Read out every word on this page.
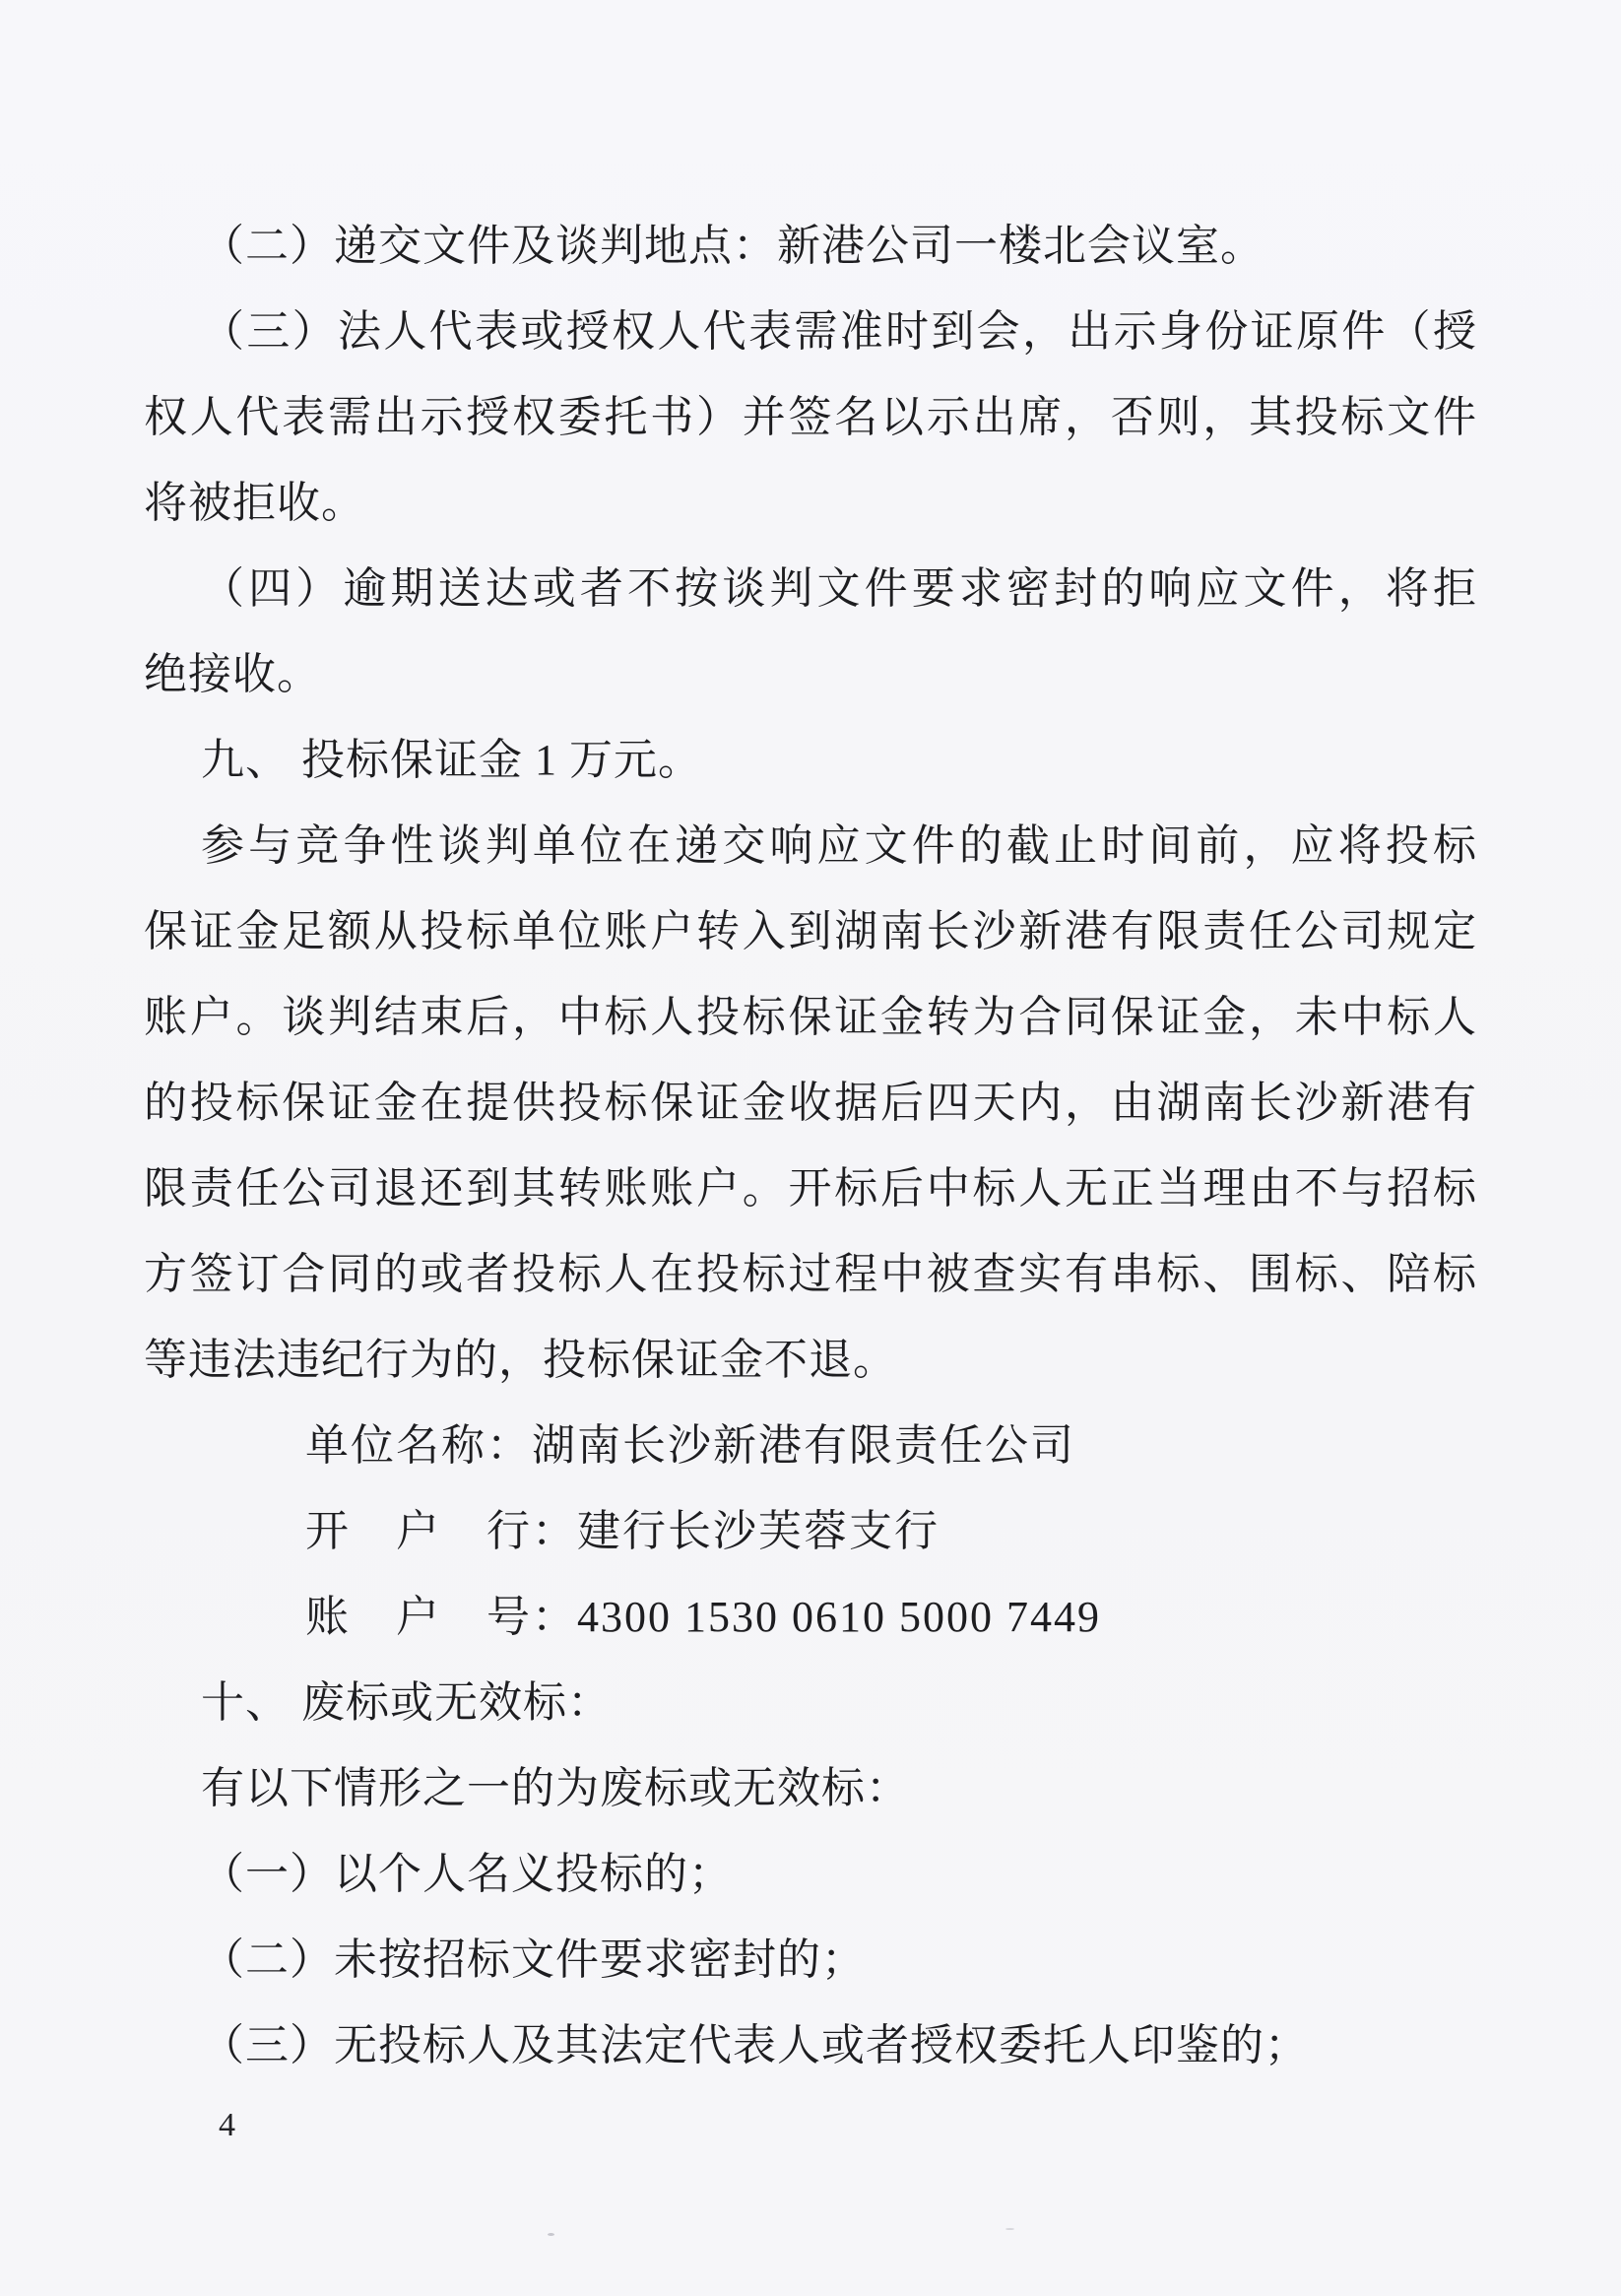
（二）递交文件及谈判地点：新港公司一楼北会议室。
（三）法人代表或授权人代表需准时到会，出示身份证原件（授
权人代表需出示授权委托书）并签名以示出席，否则，其投标文件
将被拒收。
（四）逾期送达或者不按谈判文件要求密封的响应文件，将拒
绝接收。
九、 投标保证金 1 万元。
参与竞争性谈判单位在递交响应文件的截止时间前，应将投标
保证金足额从投标单位账户转入到湖南长沙新港有限责任公司规定
账户。谈判结束后，中标人投标保证金转为合同保证金，未中标人
的投标保证金在提供投标保证金收据后四天内，由湖南长沙新港有
限责任公司退还到其转账账户。开标后中标人无正当理由不与招标
方签订合同的或者投标人在投标过程中被查实有串标、围标、陪标
等违法违纪行为的，投标保证金不退。
单位名称：湖南长沙新港有限责任公司
开　户　行：建行长沙芙蓉支行
账　户　号：4300 1530 0610 5000 7449
十、 废标或无效标：
有以下情形之一的为废标或无效标：
（一）以个人名义投标的；
（二）未按招标文件要求密封的；
（三）无投标人及其法定代表人或者授权委托人印鉴的；
4
